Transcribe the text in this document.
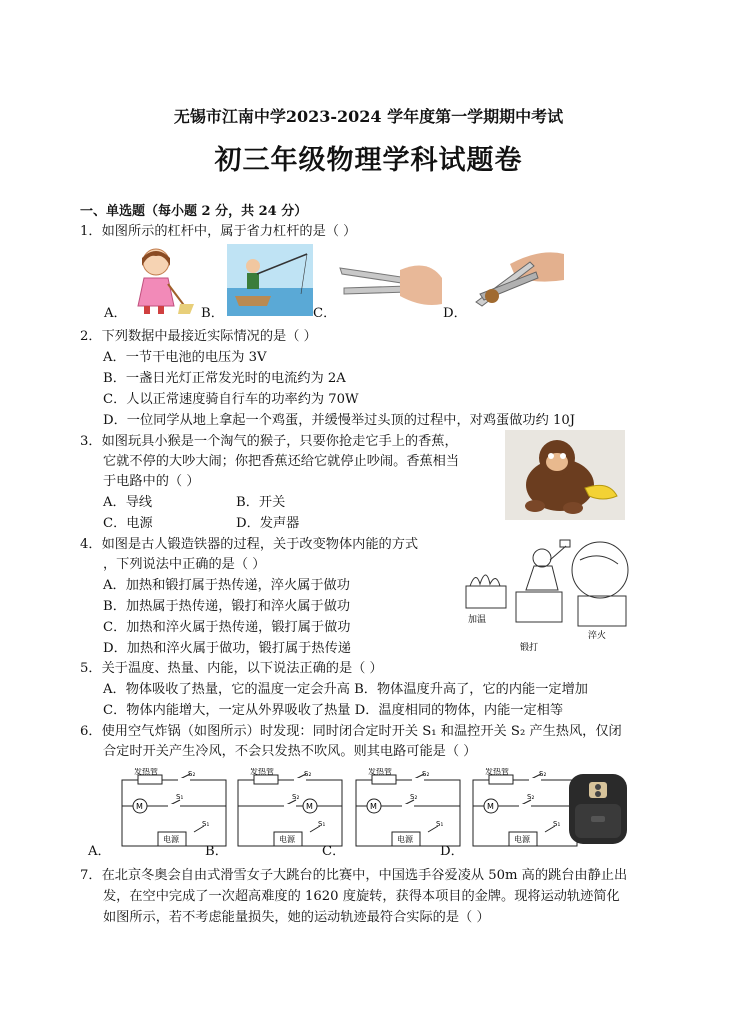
无锡市江南中学2023-2024 学年度第一学期期中考试
初三年级物理学科试题卷
一、单选题（每小题 2 分，共 24 分）
1．如图所示的杠杆中，属于省力杠杆的是（ ）
A．	B．	C．	D．
2．下列数据中最接近实际情况的是（ ）
A．一节干电池的电压为 3V
B．一盏日光灯正常发光时的电流约为 2A
C．人以正常速度骑自行车的功率约为 70W
D．一位同学从地上拿起一个鸡蛋，并缓慢举过头顶的过程中，对鸡蛋做功约 10J
3．如图玩具小猴是一个淘气的猴子，只要你抢走它手上的香蕉，
它就不停的大吵大闹；你把香蕉还给它就停止吵闹。香蕉相当
于电路中的（ ）
A．导线	B．开关
C．电源	D．发声器
4．如图是古人锻造铁器的过程，关于改变物体内能的方式
，下列说法中正确的是（ ）
A．加热和锻打属于热传递，淬火属于做功
B．加热属于热传递，锻打和淬火属于做功
C．加热和淬火属于热传递，锻打属于做功
D．加热和淬火属于做功，锻打属于热传递
加温
锻打
淬火
5．关于温度、热量、内能，以下说法正确的是（ ）
A．物体吸收了热量，它的温度一定会升高 B．物体温度升高了，它的内能一定增加
C．物体内能增大，一定从外界吸收了热量 D．温度相同的物体，内能一定相等
6．使用空气炸锅（如图所示）时发现：同时闭合定时开关 S₁ 和温控开关 S₂ 产生热风，仅闭
合定时开关产生冷风，不会只发热不吹风。则其电路可能是（ ）
发热管
电源
M
S₂
S₁
S₁
A．
发热管
电源
M
S₂
S₂
S₁
B．
发热管
电源
M
S₂
S₂
S₁
C．
发热管
电源
M
S₂
S₂
S₁
D．
7．在北京冬奥会自由式滑雪女子大跳台的比赛中，中国选手谷爱凌从 50m 高的跳台由静止出
发，在空中完成了一次超高难度的 1620 度旋转，获得本项目的金牌。现将运动轨迹简化
如图所示，若不考虑能量损失，她的运动轨迹最符合实际的是（ ）
